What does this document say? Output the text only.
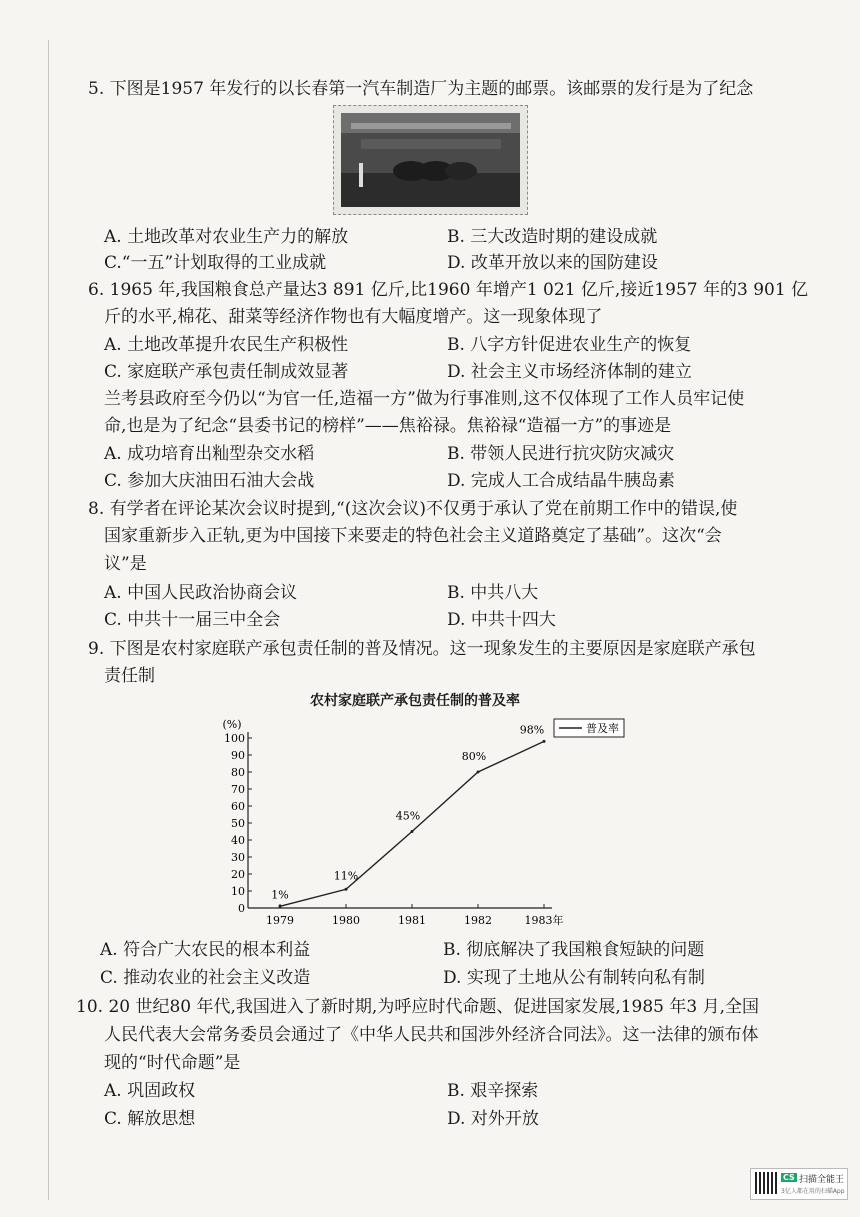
5. 下图是1957 年发行的以长春第一汽车制造厂为主题的邮票。该邮票的发行是为了纪念
A. 土地改革对农业生产力的解放	B. 三大改造时期的建设成就
C.“一五”计划取得的工业成就	D. 改革开放以来的国防建设
6. 1965 年,我国粮食总产量达3 891 亿斤,比1960 年增产1 021 亿斤,接近1957 年的3 901 亿
斤的水平,棉花、甜菜等经济作物也有大幅度增产。这一现象体现了
A. 土地改革提升农民生产积极性	B. 八字方针促进农业生产的恢复
C. 家庭联产承包责任制成效显著	D. 社会主义市场经济体制的建立
兰考县政府至今仍以“为官一任,造福一方”做为行事准则,这不仅体现了工作人员牢记使
命,也是为了纪念“县委书记的榜样”——焦裕禄。焦裕禄“造福一方”的事迹是
A. 成功培育出籼型杂交水稻	B. 带领人民进行抗灾防灾减灾
C. 参加大庆油田石油大会战	D. 完成人工合成结晶牛胰岛素
8. 有学者在评论某次会议时提到,“(这次会议)不仅勇于承认了党在前期工作中的错误,使
国家重新步入正轨,更为中国接下来要走的特色社会主义道路奠定了基础”。这次“会
议”是
A. 中国人民政治协商会议	B. 中共八大
C. 中共十一届三中全会	D. 中共十四大
9. 下图是农村家庭联产承包责任制的普及情况。这一现象发生的主要原因是家庭联产承包
责任制
农村家庭联产承包责任制的普及率
(%)
0
10
20
30
40
50
60
70
80
90
100
1979	1980	1981	1982	1983年
1%
11%
45%
80%
98%	普及率
A. 符合广大农民的根本利益	B. 彻底解决了我国粮食短缺的问题
C. 推动农业的社会主义改造	D. 实现了土地从公有制转向私有制
10. 20 世纪80 年代,我国进入了新时期,为呼应时代命题、促进国家发展,1985 年3 月,全国
人民代表大会常务委员会通过了《中华人民共和国涉外经济合同法》。这一法律的颁布体
现的“时代命题”是
A. 巩固政权	B. 艰辛探索
C. 解放思想	D. 对外开放
CS 扫描全能王
3亿人都在用的扫描App
